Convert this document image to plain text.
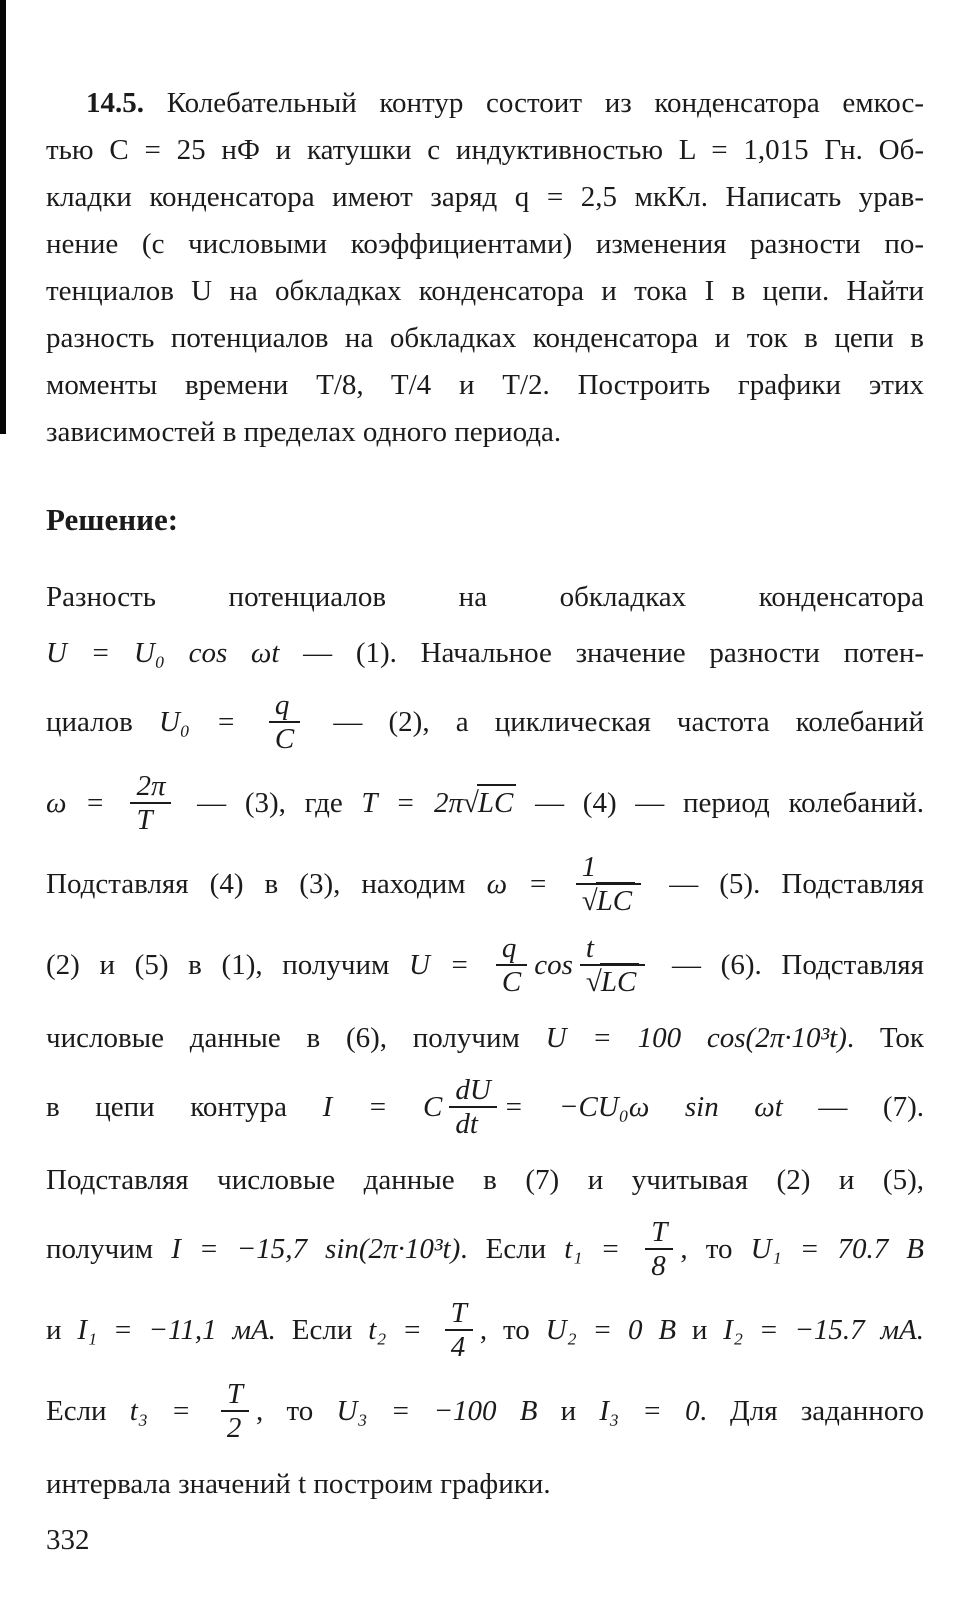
14.5. Колебательный контур состоит из конденсатора емкос-
тью C = 25 нФ и катушки с индуктивностью L = 1,015 Гн. Об-
кладки конденсатора имеют заряд q = 2,5 мкКл. Написать урав-
нение (с числовыми коэффициентами) изменения разности по-
тенциалов U на обкладках конденсатора и тока I в цепи. Найти
разность потенциалов на обкладках конденсатора и ток в цепи в
моменты времени T/8, T/4 и T/2. Построить графики этих
зависимостей в пределах одного периода.
Решение:
Разность потенциалов на обкладках конденсатора
U = U₀ cos ωt — (1). Начальное значение разности потен-
циалов $U_0 = \frac{q}{C}$ — (2), а циклическая частота колебаний
$\omega = \frac{2\pi}{T}$ — (3), где T = 2π√LC — (4) — период колебаний.
Подставляя (4) в (3), находим $\omega = \frac{1}{√LC}$ — (5). Подставляя
(2) и (5) в (1), получим $U = \frac{q}{C}$ $\cos \frac{t}{√LC}$ — (6). Подставляя
числовые данные в (6), получим U = 100 cos(2π·10³t). Ток
в цепи контура I = C $\frac{dU}{dt} = -CU_0\omega$ sin ωt — (7).
Подставляя числовые данные в (7) и учитывая (2) и (5),
получим I = −15,7 sin(2π·10³t). Если $t_1 = \frac{T}{8}$ , то U₁ = 70.7 В
и I₁ = −11,1 мА. Если $t_2 = \frac{T}{4}$ , то U₂ = 0 В и I₂ = −15.7 мА.
Если $t_3 = \frac{T}{2}$ , то U₃ = −100 В и I₃ = 0. Для заданного
интервала значений t построим графики.
332
